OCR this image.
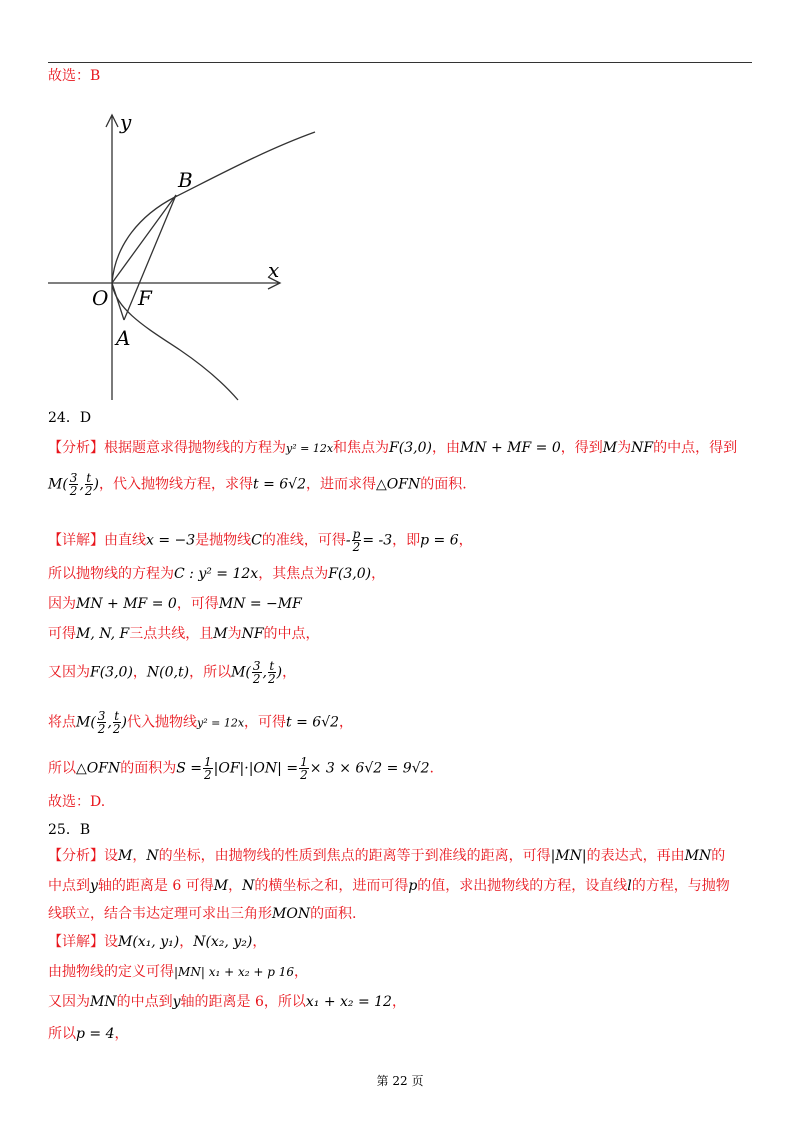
故选：B
y
x
O F
A
B
24．D
【分析】根据题意求得抛物线的方程为y² = 12x和焦点为F(3,0)，由MN + MF = 0，得到M为NF的中点，得到
$M( \frac{3}{2}$ , $\frac{t}{2}$ )，代入抛物线方程，求得t = 6√2，进而求得△OFN的面积.
【详解】由直线x = −3是抛物线C的准线，可得- $\frac{p}{2} = -3$，即p = 6，
所以抛物线的方程为C : y² = 12x，其焦点为F(3,0)，
因为MN + MF = 0，可得MN = −MF
可得M, N, F三点共线，且M为NF的中点，
又因为F(3,0)，N(0,t)，所以$M( \frac{3}{2}$ , $\frac{t}{2}$ )，
将点$M( \frac{3}{2}$ , $\frac{t}{2}$ )代入抛物线y² = 12x，可得t = 6√2，
所以△OFN的面积为$S = \frac{1}{2} |OF|\cdot|ON| = \frac{1}{2} \times 3 \times 6√2 = 9√2$.
故选：D.
25．B
【分析】设M，N的坐标，由抛物线的性质到焦点的距离等于到准线的距离，可得|MN|的表达式，再由MN的
中点到y轴的距离是 6 可得M，N的横坐标之和，进而可得p的值，求出抛物线的方程，设直线l的方程，与抛物
线联立，结合韦达定理可求出三角形MON的面积.
【详解】设M(x₁, y₁)，N(x₂, y₂)，
由抛物线的定义可得|MN| x₁ + x₂ + p 16，
又因为MN的中点到y轴的距离是 6，所以x₁ + x₂ = 12，
所以p = 4，
第 22 页
